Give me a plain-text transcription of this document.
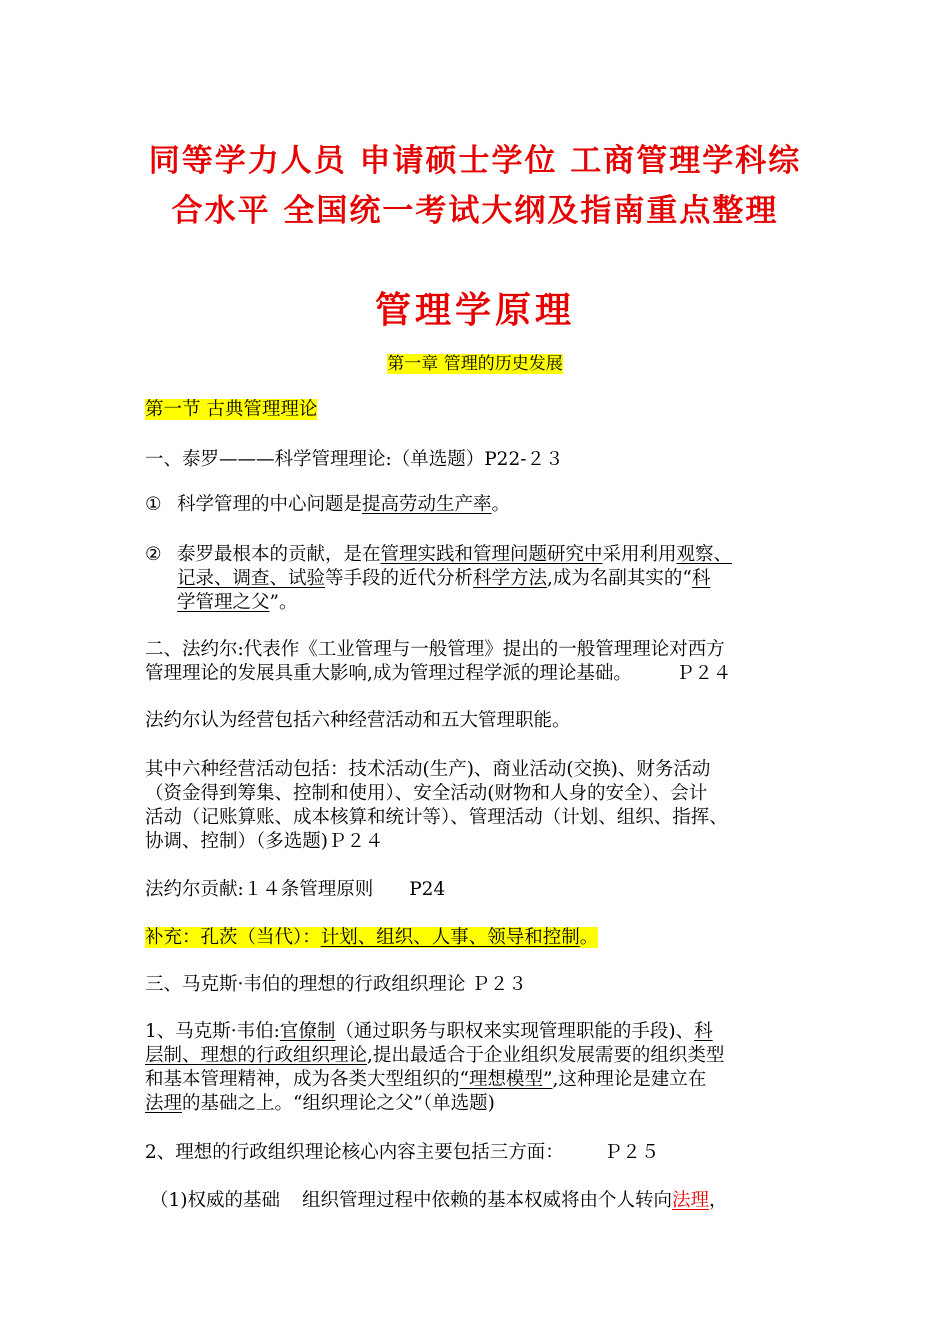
同等学力人员 申请硕士学位 工商管理学科综
合水平 全国统一考试大纲及指南重点整理
管理学原理
第一章 管理的历史发展
第一节 古典管理理论
一、泰罗———科学管理理论:（单选题）P22-２３
① 科学管理的中心问题是提高劳动生产率。
② 泰罗最根本的贡献，是在管理实践和管理问题研究中采用利用观察、
记录、调查、试验等手段的近代分析科学方法,成为名副其实的“科
学管理之父”。
二、法约尔:代表作《工业管理与一般管理》提出的一般管理理论对西方
管理理论的发展具重大影响,成为管理过程学派的理论基础。 Ｐ２４
法约尔认为经营包括六种经营活动和五大管理职能。
其中六种经营活动包括：技术活动(生产)、商业活动(交换)、财务活动
（资金得到筹集、控制和使用）、安全活动(财物和人身的安全）、会计
活动（记账算账、成本核算和统计等）、管理活动（计划、组织、指挥、
协调、控制）（多选题)Ｐ２４
法约尔贡献:１４条管理原则 P24
补充：孔茨（当代）：计划、组织、人事、领导和控制。
三、马克斯·韦伯的理想的行政组织理论 Ｐ２３
1、马克斯·韦伯:官僚制（通过职务与职权来实现管理职能的手段)、科
层制、理想的行政组织理论,提出最适合于企业组织发展需要的组织类型
和基本管理精神，成为各类大型组织的“理想模型”,这种理论是建立在
法理的基础之上。“组织理论之父”（单选题)
2、理想的行政组织理论核心内容主要包括三方面： Ｐ２５
（1)权威的基础 组织管理过程中依赖的基本权威将由个人转向法理，
